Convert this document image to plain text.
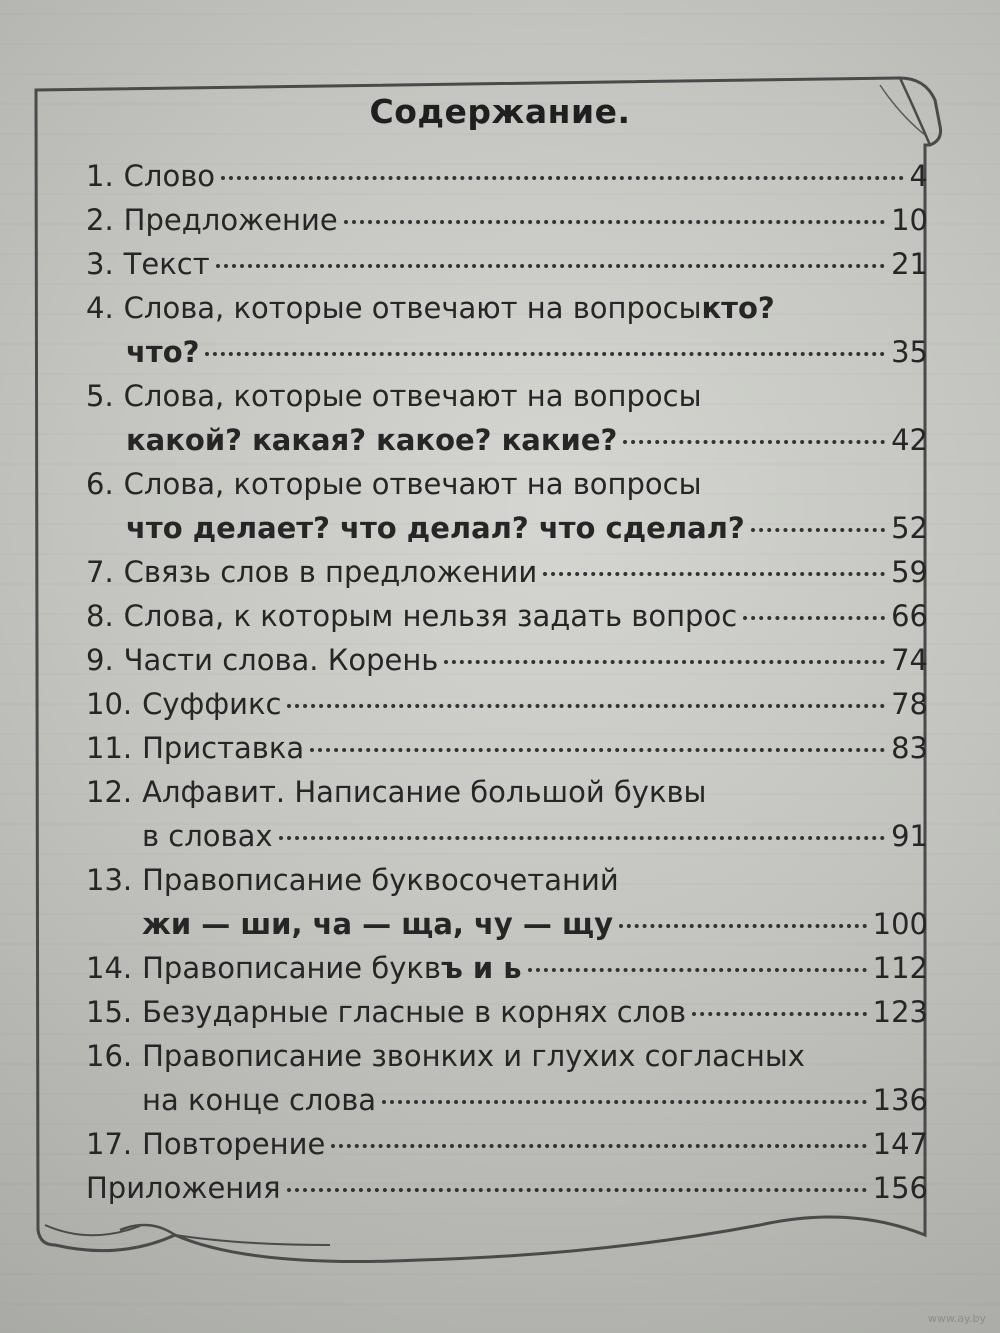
Содержание.
1. Слово	4
2. Предложение	10
3. Текст	21
4. Слова, которые отвечают на вопросы кто?
что?	35
5. Слова, которые отвечают на вопросы
какой? какая? какое? какие?	42
6. Слова, которые отвечают на вопросы
что делает? что делал? что сделал?	52
7. Связь слов в предложении	59
8. Слова, к которым нельзя задать вопрос	66
9. Части слова. Корень	74
10. Суффикс	78
11. Приставка	83
12. Алфавит. Написание большой буквы
в словах	91
13. Правописание буквосочетаний
жи — ши, ча — ща, чу — щу	100
14. Правописание букв ъ и ь	112
15. Безударные гласные в корнях слов	123
16. Правописание звонких и глухих согласных
на конце слова	136
17. Повторение	147
Приложения	156
www.ay.by
